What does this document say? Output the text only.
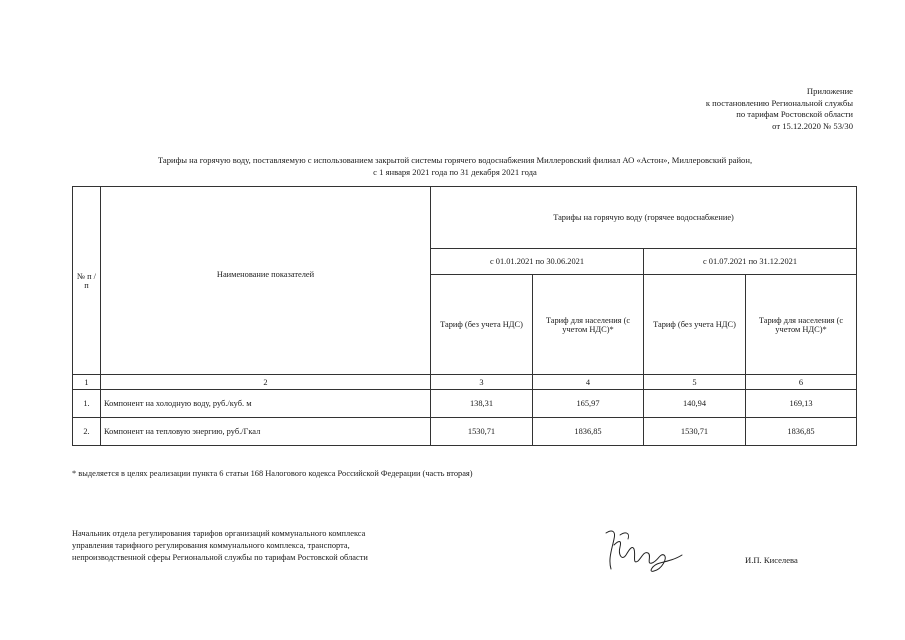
Приложение
к постановлению Региональной службы
по тарифам Ростовской области
от 15.12.2020 № 53/30
Тарифы на горячую воду, поставляемую с использованием закрытой системы горячего водоснабжения Миллеровский филиал АО «Астон», Миллеровский район,
с 1 января 2021 года по 31 декабря 2021 года
№ п /п	Наименование показателей	Тарифы на горячую воду (горячее водоснабжение)			
		с 01.01.2021 по 30.06.2021		с 01.07.2021 по 31.12.2021	
		Тариф (без учета НДС)	Тариф для населения (с учетом НДС)*	Тариф (без учета НДС)	Тариф для населения (с учетом НДС)*
1	2	3	4	5	6
1.	Компонент на холодную воду, руб./куб. м	138,31	165,97	140,94	169,13
2.	Компонент на тепловую энергию, руб./Гкал	1530,71	1836,85	1530,71	1836,85
* выделяется в целях реализации пункта 6 статьи 168 Налогового кодекса Российской Федерации (часть вторая)
Начальник отдела регулирования тарифов организаций коммунального комплекса
управления тарифного регулирования коммунального комплекса, транспорта,
непроизводственной сферы Региональной службы по тарифам Ростовской области	И.П. Киселева
